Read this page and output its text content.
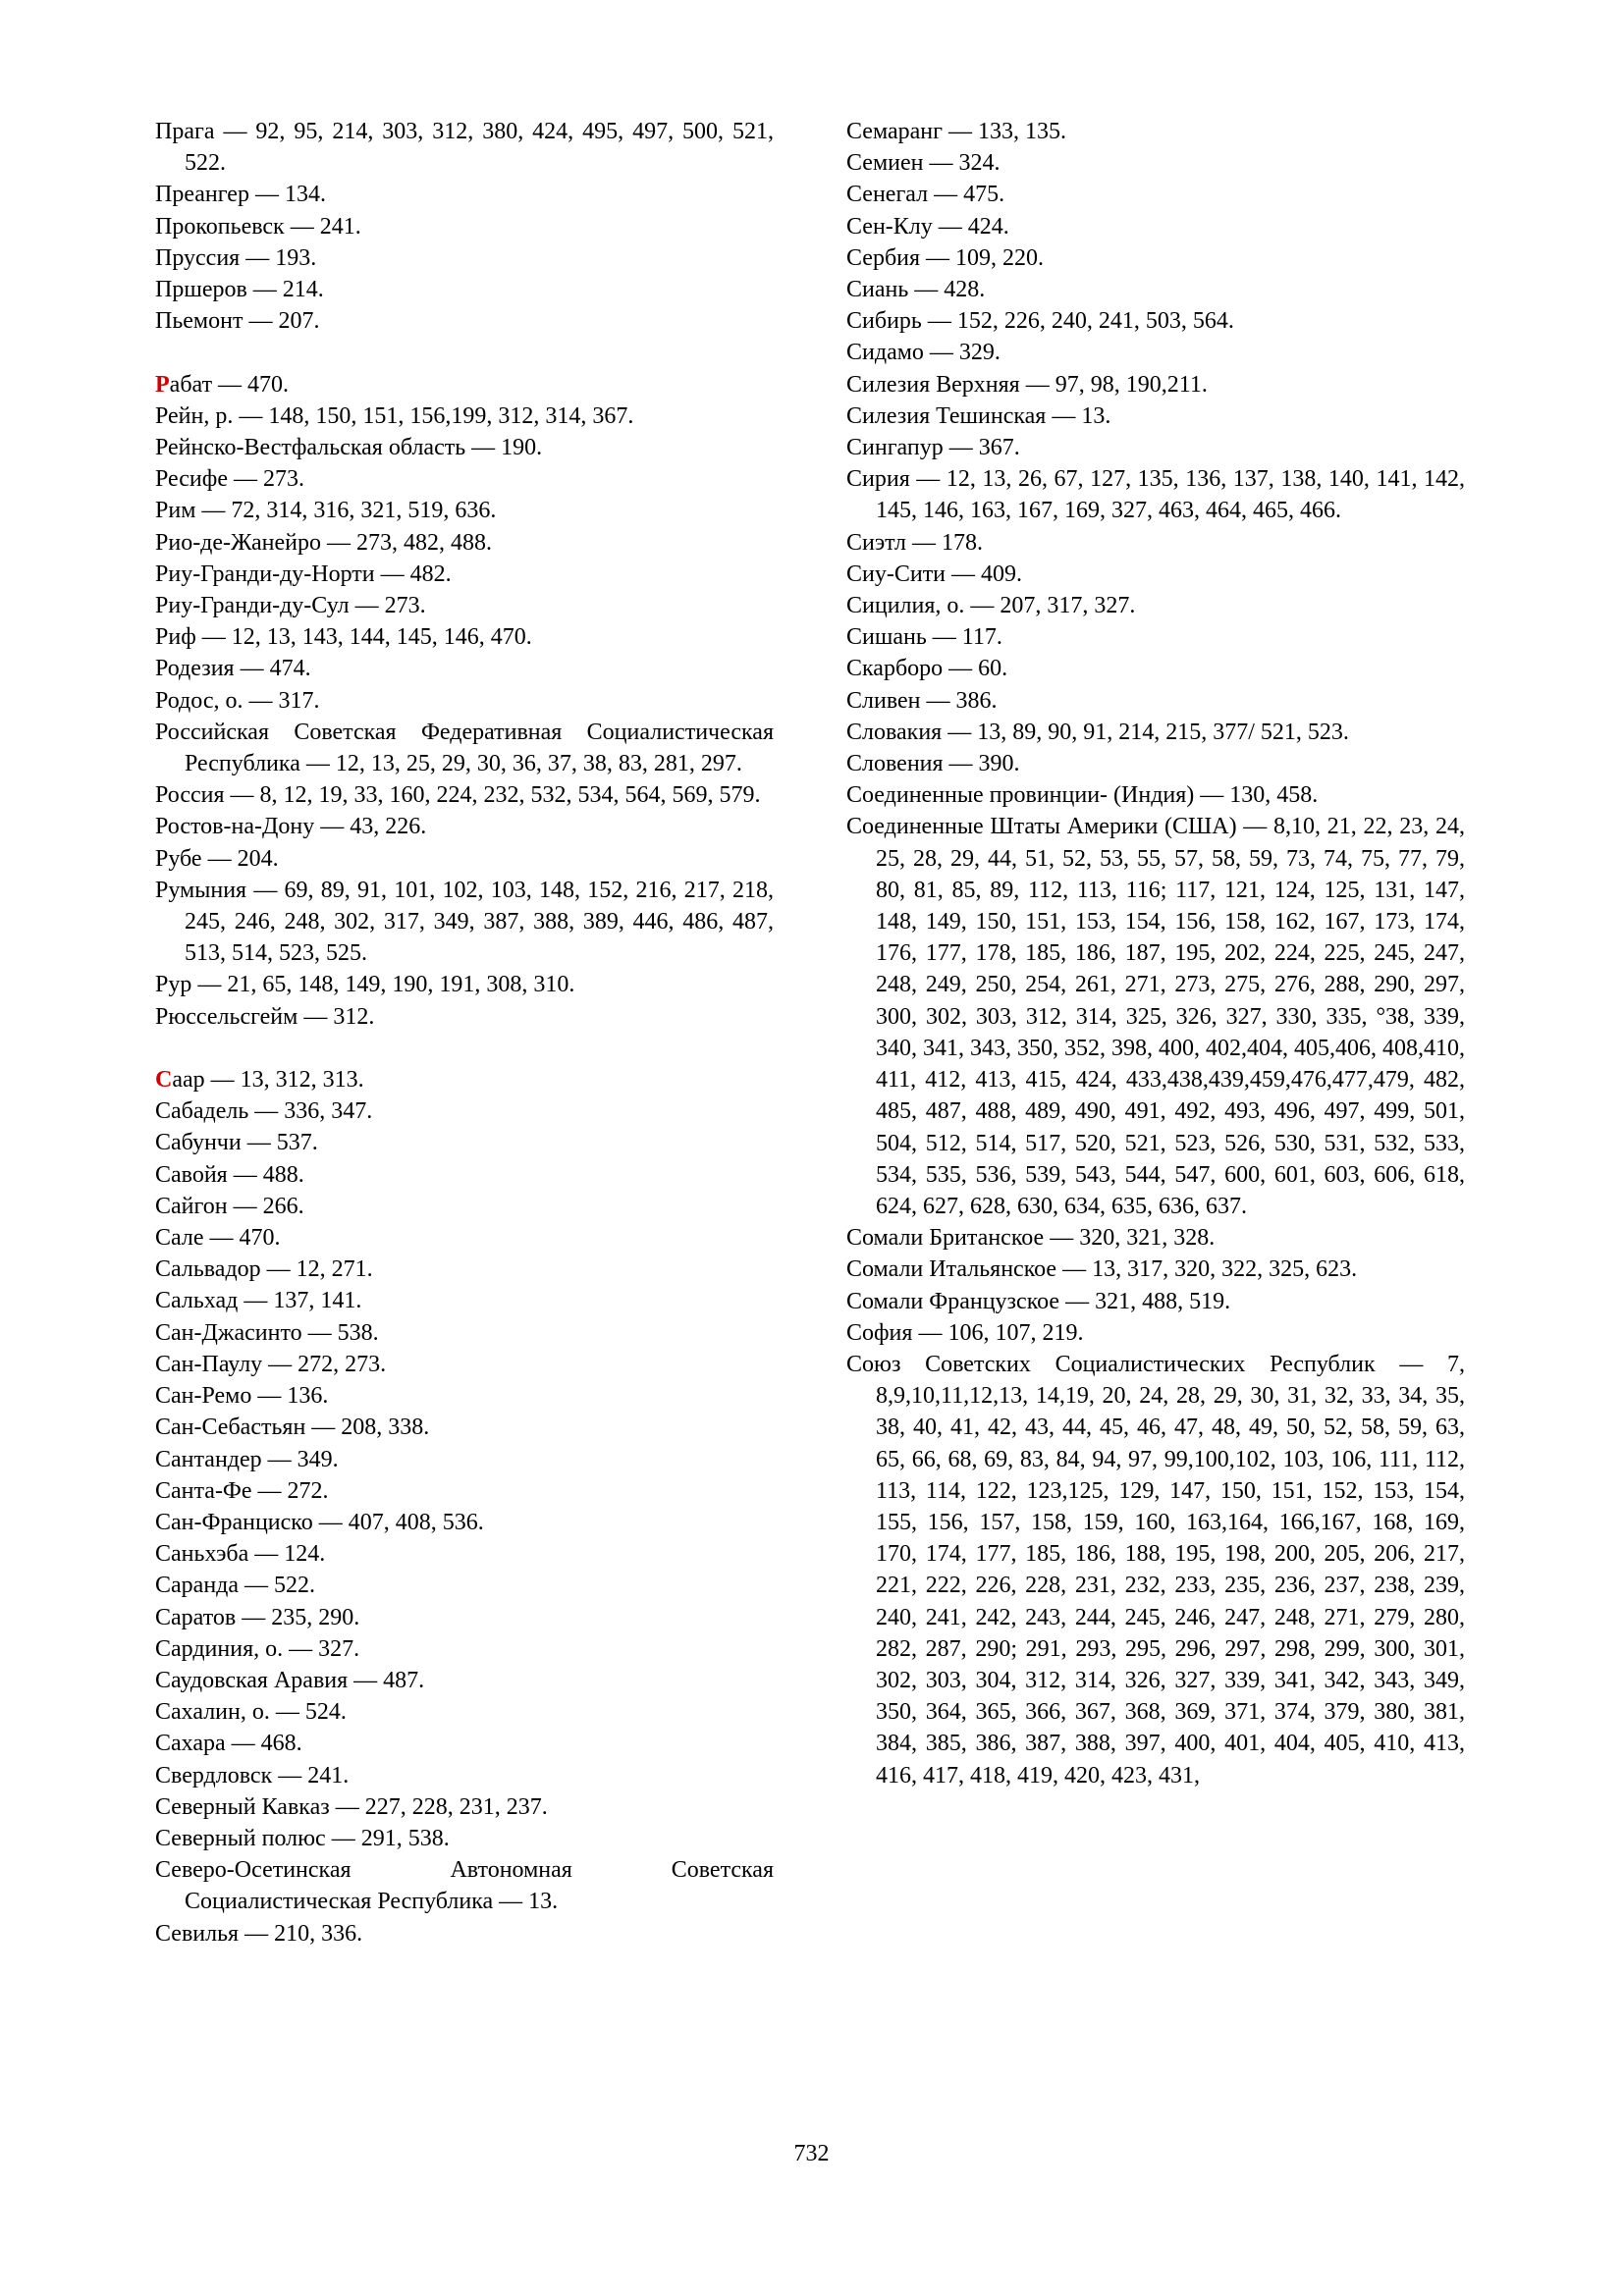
Прага — 92, 95, 214, 303, 312, 380, 424, 495, 497, 500, 521, 522.
Преангер — 134.
Прокопьевск — 241.
Пруссия — 193.
Пршеров — 214.
Пьемонт — 207.
Рабат — 470.
Рейн, р. — 148, 150, 151, 156,199, 312, 314, 367.
Рейнско-Вестфальская область — 190.
Ресифе — 273.
Рим — 72, 314, 316, 321, 519, 636.
Рио-де-Жанейро — 273, 482, 488.
Риу-Гранди-ду-Норти — 482.
Риу-Гранди-ду-Сул — 273.
Риф — 12, 13, 143, 144, 145, 146, 470.
Родезия — 474.
Родос, о. — 317.
Российская Советская Федеративная Социалистическая Республика — 12, 13, 25, 29, 30, 36, 37, 38, 83, 281, 297.
Россия — 8, 12, 19, 33, 160, 224, 232, 532, 534, 564, 569, 579.
Ростов-на-Дону — 43, 226.
Рубе — 204.
Румыния — 69, 89, 91, 101, 102, 103, 148, 152, 216, 217, 218, 245, 246, 248, 302, 317, 349, 387, 388, 389, 446, 486, 487, 513, 514, 523, 525.
Рур — 21, 65, 148, 149, 190, 191, 308, 310.
Рюссельсгейм — 312.
Саар — 13, 312, 313.
Сабадель — 336, 347.
Сабунчи — 537.
Савойя — 488.
Сайгон — 266.
Сале — 470.
Сальвадор — 12, 271.
Сальхад — 137, 141.
Сан-Джасинто — 538.
Сан-Паулу — 272, 273.
Сан-Ремо — 136.
Сан-Себастьян — 208, 338.
Сантандер — 349.
Санта-Фе — 272.
Сан-Франциско — 407, 408, 536.
Саньхэба — 124.
Саранда — 522.
Саратов — 235, 290.
Сардиния, о. — 327.
Саудовская Аравия — 487.
Сахалин, о. — 524.
Сахара — 468.
Свердловск — 241.
Северный Кавказ — 227, 228, 231, 237.
Северный полюс — 291, 538.
Северо-Осетинская Автономная Советская Социалистическая Республика — 13.
Севилья — 210, 336.
Семаранг — 133, 135.
Семиен — 324.
Сенегал — 475.
Сен-Клу — 424.
Сербия — 109, 220.
Сиань — 428.
Сибирь — 152, 226, 240, 241, 503, 564.
Сидамо — 329.
Силезия Верхняя — 97, 98, 190,211.
Силезия Тешинская — 13.
Сингапур — 367.
Сирия — 12, 13, 26, 67, 127, 135, 136, 137, 138, 140, 141, 142, 145, 146, 163, 167, 169, 327, 463, 464, 465, 466.
Сиэтл — 178.
Сиу-Сити — 409.
Сицилия, о. — 207, 317, 327.
Сишань — 117.
Скарборо — 60.
Сливен — 386.
Словакия — 13, 89, 90, 91, 214, 215, 377/ 521, 523.
Словения — 390.
Соединенные провинции- (Индия) — 130, 458.
Соединенные Штаты Америки (США) — 8,10, 21, 22, 23, 24, 25, 28, 29, 44, 51, 52, 53, 55, 57, 58, 59, 73, 74, 75, 77, 79, 80, 81, 85, 89, 112, 113, 116; 117, 121, 124, 125, 131, 147, 148, 149, 150, 151, 153, 154, 156, 158, 162, 167, 173, 174, 176, 177, 178, 185, 186, 187, 195, 202, 224, 225, 245, 247, 248, 249, 250, 254, 261, 271, 273, 275, 276, 288, 290, 297, 300, 302, 303, 312, 314, 325, 326, 327, 330, 335, °38, 339, 340, 341, 343, 350, 352, 398, 400, 402,404, 405,406, 408,410, 411, 412, 413, 415, 424, 433,438,439,459,476,477,479, 482, 485, 487, 488, 489, 490, 491, 492, 493, 496, 497, 499, 501, 504, 512, 514, 517, 520, 521, 523, 526, 530, 531, 532, 533, 534, 535, 536, 539, 543, 544, 547, 600, 601, 603, 606, 618, 624, 627, 628, 630, 634, 635, 636, 637.
Сомали Британское — 320, 321, 328.
Сомали Итальянское — 13, 317, 320, 322, 325, 623.
Сомали Французское — 321, 488, 519.
София — 106, 107, 219.
Союз Советских Социалистических Республик — 7, 8,9,10,11,12,13, 14,19, 20, 24, 28, 29, 30, 31, 32, 33, 34, 35, 38, 40, 41, 42, 43, 44, 45, 46, 47, 48, 49, 50, 52, 58, 59, 63, 65, 66, 68, 69, 83, 84, 94, 97, 99,100,102, 103, 106, 111, 112, 113, 114, 122, 123,125, 129, 147, 150, 151, 152, 153, 154, 155, 156, 157, 158, 159, 160, 163,164, 166,167, 168, 169, 170, 174, 177, 185, 186, 188, 195, 198, 200, 205, 206, 217, 221, 222, 226, 228, 231, 232, 233, 235, 236, 237, 238, 239, 240, 241, 242, 243, 244, 245, 246, 247, 248, 271, 279, 280, 282, 287, 290; 291, 293, 295, 296, 297, 298, 299, 300, 301, 302, 303, 304, 312, 314, 326, 327, 339, 341, 342, 343, 349, 350, 364, 365, 366, 367, 368, 369, 371, 374, 379, 380, 381, 384, 385, 386, 387, 388, 397, 400, 401, 404, 405, 410, 413, 416, 417, 418, 419, 420, 423, 431,
732
